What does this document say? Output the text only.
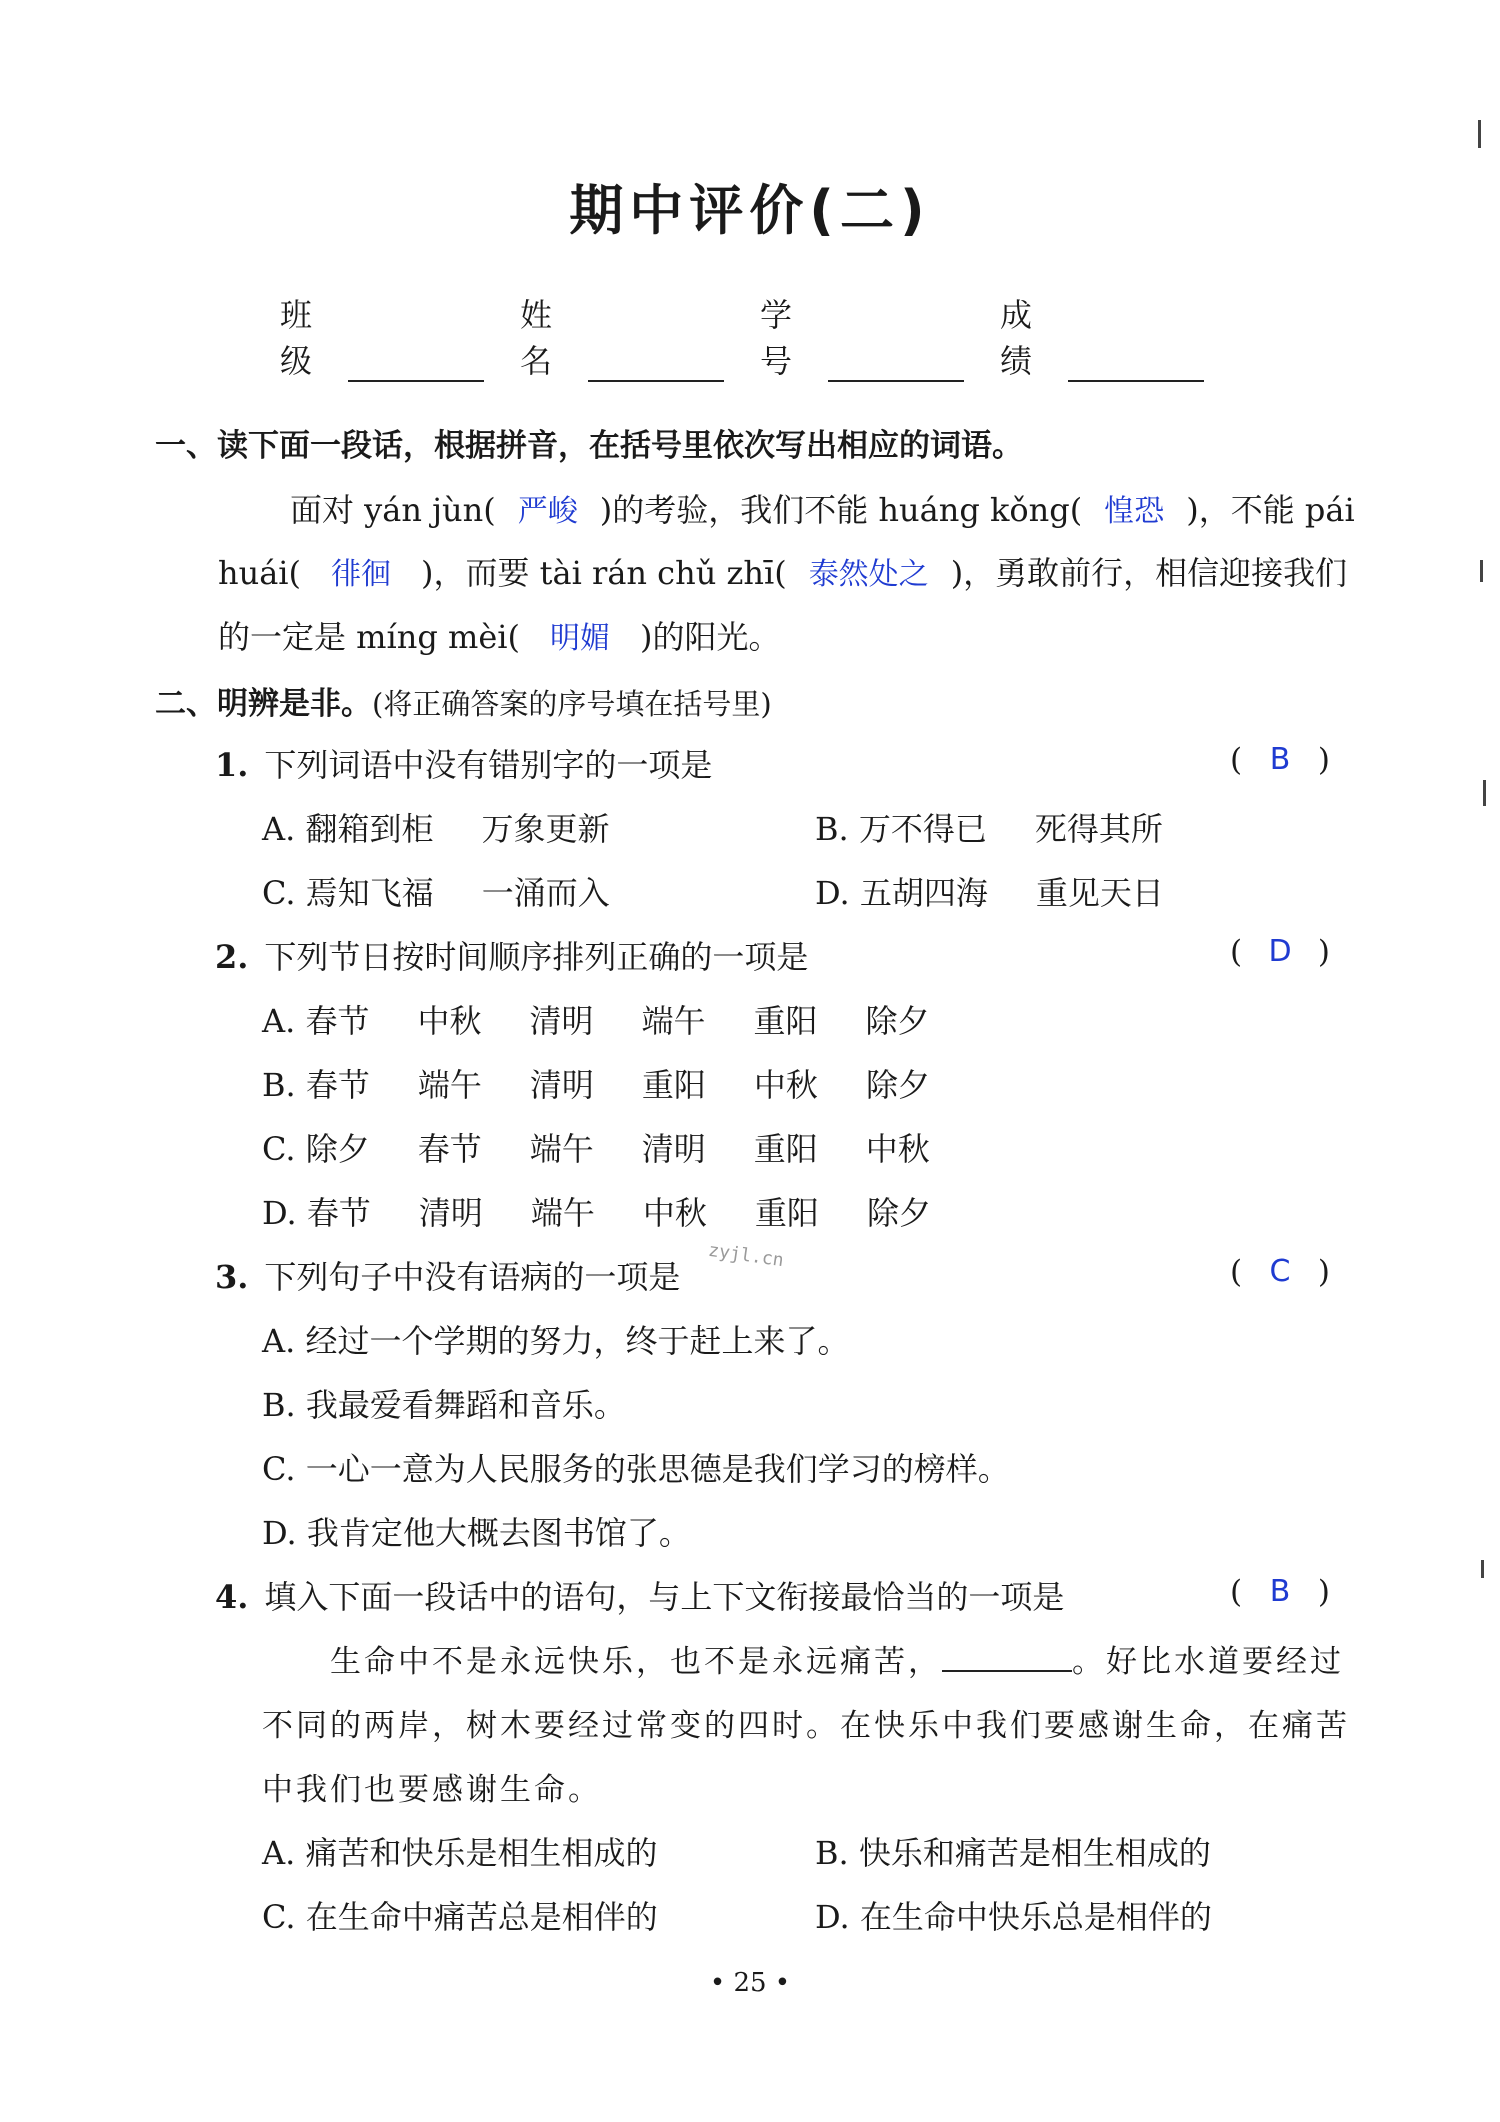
期中评价(二)
班级
姓名
学号
成绩
一、读下面一段话，根据拼音，在括号里依次写出相应的词语。
面对 yán jùn( 严峻 )的考验，我们不能 huáng kǒng( 惶恐 )，不能 pái
huái( 徘徊 )，而要 tài rán chǔ zhī( 泰然处之 )，勇敢前行，相信迎接我们
的一定是 míng mèi( 明媚 )的阳光。
二、明辨是非。(将正确答案的序号填在括号里)
1. 下列词语中没有错别字的一项是	( B )
A. 翻箱到柜 万象更新	B. 万不得已 死得其所
C. 焉知飞福 一涌而入	D. 五胡四海 重见天日
2. 下列节日按时间顺序排列正确的一项是	( D )
A. 春节 中秋 清明 端午 重阳 除夕
B. 春节 端午 清明 重阳 中秋 除夕
C. 除夕 春节 端午 清明 重阳 中秋
D. 春节 清明 端午 中秋 重阳 除夕
3. 下列句子中没有语病的一项是
zyjl.cn	( C )
A. 经过一个学期的努力，终于赶上来了。
B. 我最爱看舞蹈和音乐。
C. 一心一意为人民服务的张思德是我们学习的榜样。
D. 我肯定他大概去图书馆了。
4. 填入下面一段话中的语句，与上下文衔接最恰当的一项是	( B )
生命中不是永远快乐，也不是永远痛苦，	。好比水道要经过
不同的两岸，树木要经过常变的四时。在快乐中我们要感谢生命，在痛苦
中我们也要感谢生命。
A. 痛苦和快乐是相生相成的	B. 快乐和痛苦是相生相成的
C. 在生命中痛苦总是相伴的	D. 在生命中快乐总是相伴的
• 25 •
